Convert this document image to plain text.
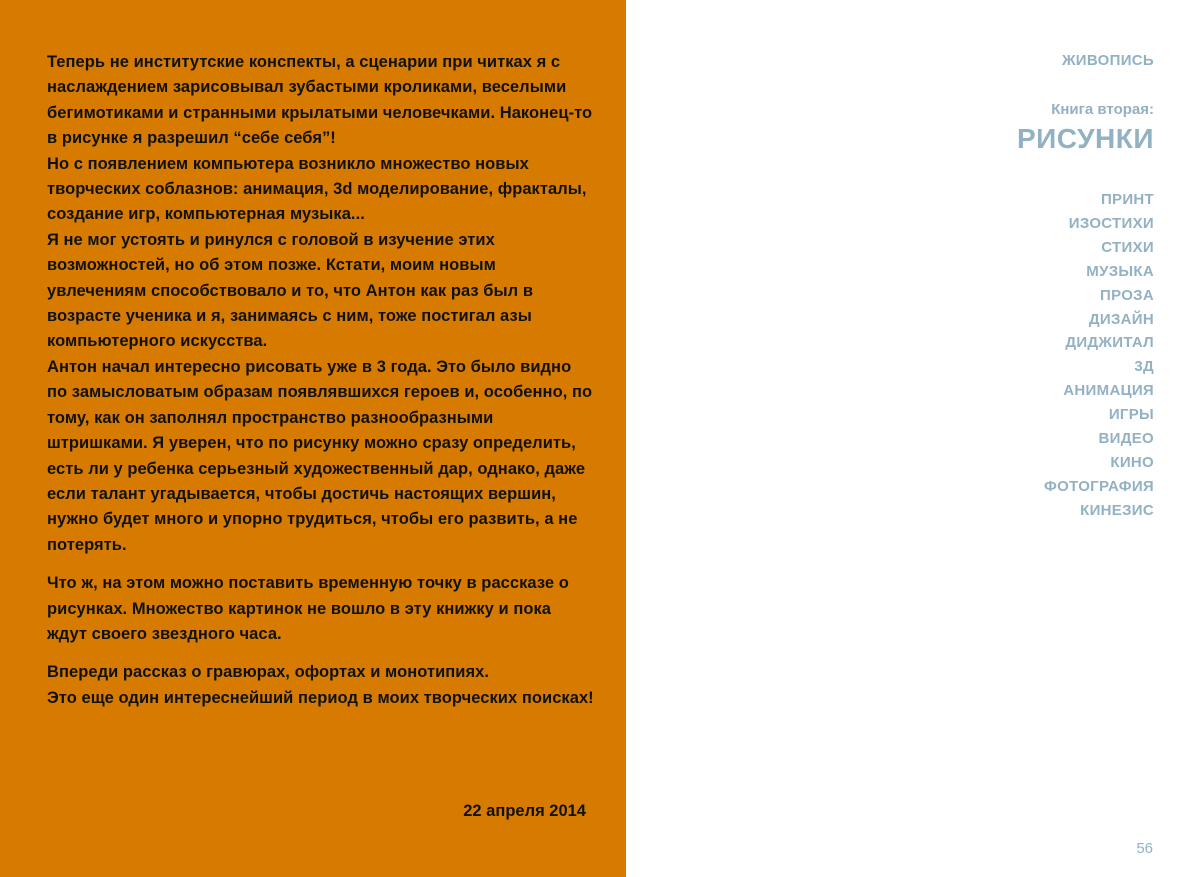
Теперь не институтские конспекты, а сценарии при читках я с наслаждением зарисовывал зубастыми кроликами, веселыми бегимотиками и странными крылатыми человечками. Наконец-то в рисунке я разрешил “себе себя”!

Но с появлением компьютера возникло множество новых творческих соблазнов: анимация, 3d моделирование, фракталы, создание игр, компьютерная музыка...

Я не мог устоять и ринулся с головой в изучение этих возможностей, но об этом позже. Кстати, моим новым увлечениям способствовало и то, что Антон как раз был в возрасте ученика и я, занимаясь с ним, тоже постигал азы компьютерного искусства.

Антон начал интересно рисовать уже в 3 года. Это было видно по замысловатым образам появлявшихся героев и, особенно, по тому, как он заполнял пространство разнообразными штришками. Я уверен, что по рисунку можно сразу определить, есть ли у ребенка серьезный художественный дар, однако, даже если талант угадывается, чтобы достичь настоящих вершин, нужно будет много и упорно трудиться, чтобы его развить, а не потерять.

Что ж, на этом можно поставить временную точку в рассказе о рисунках. Множество картинок не вошло в эту книжку и пока ждут своего звездного часа.

Впереди рассказ о гравюрах, офортах и монотипиях.

Это еще один интереснейший период в моих творческих поисках!

22 апреля 2014
ЖИВОПИСЬ
Книга вторая:
РИСУНКИ
ПРИНТ
ИЗОСТИХИ
СТИХИ
МУЗЫКА
ПРОЗА
ДИЗАЙН
ДИДЖИТАЛ
3Д
АНИМАЦИЯ
ИГРЫ
ВИДЕО
КИНО
ФОТОГРАФИЯ
КИНЕЗИС
56
